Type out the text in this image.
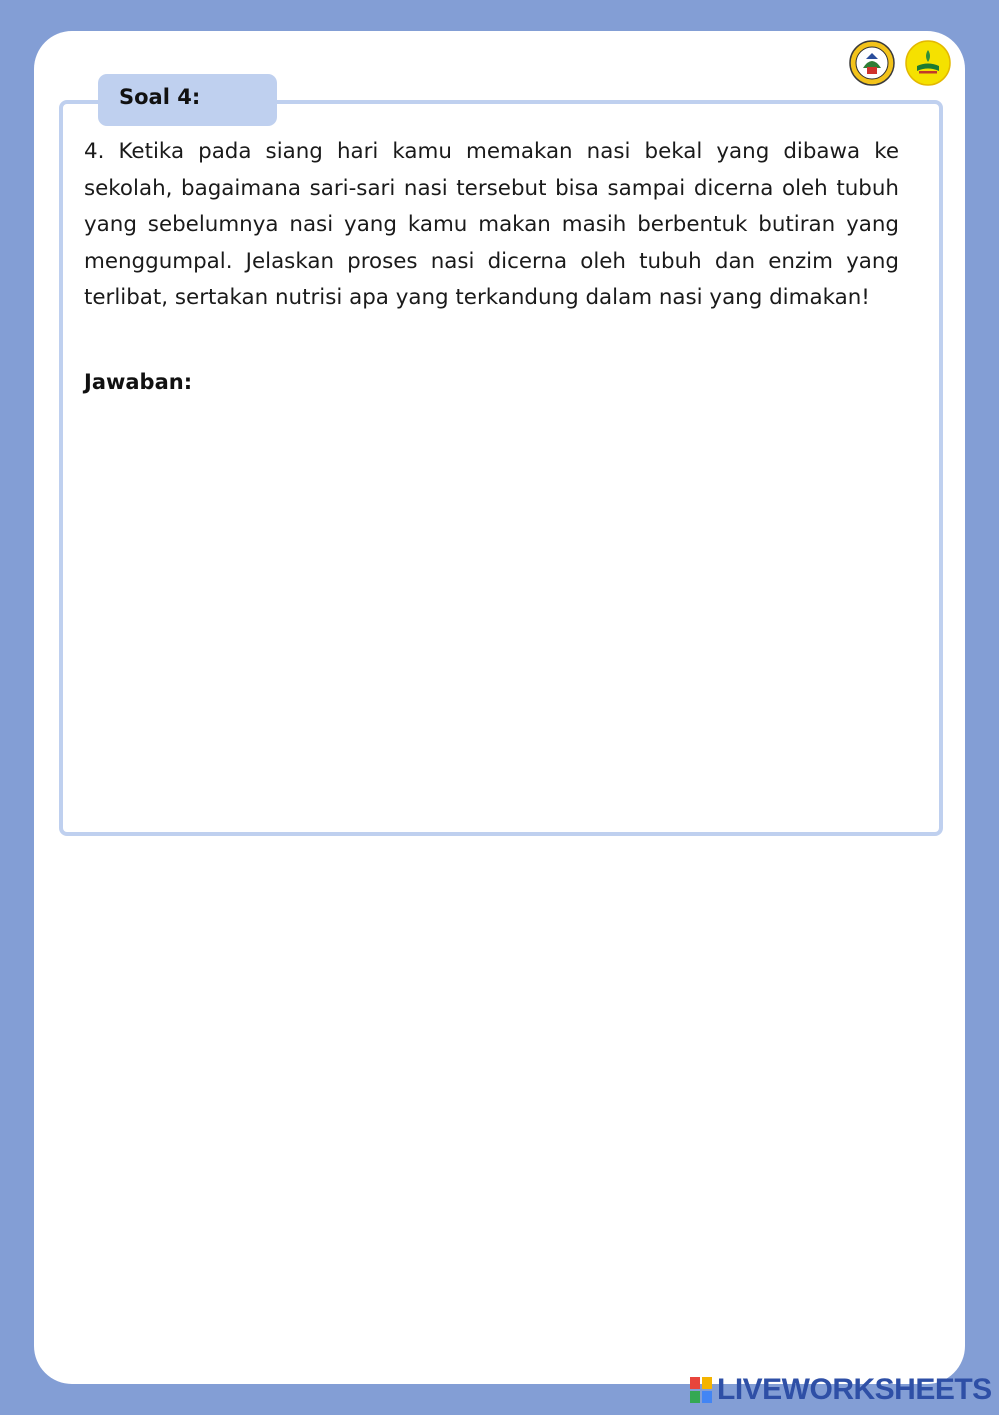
Soal 4:

4. Ketika pada siang hari kamu memakan nasi bekal yang dibawa ke sekolah, bagaimana sari-sari nasi tersebut bisa sampai dicerna oleh tubuh yang sebelumnya nasi yang kamu makan masih berbentuk butiran yang menggumpal. Jelaskan proses nasi dicerna oleh tubuh dan enzim yang terlibat, sertakan nutrisi apa yang terkandung dalam nasi yang dimakan!

Jawaban:
LIVEWORKSHEETS
